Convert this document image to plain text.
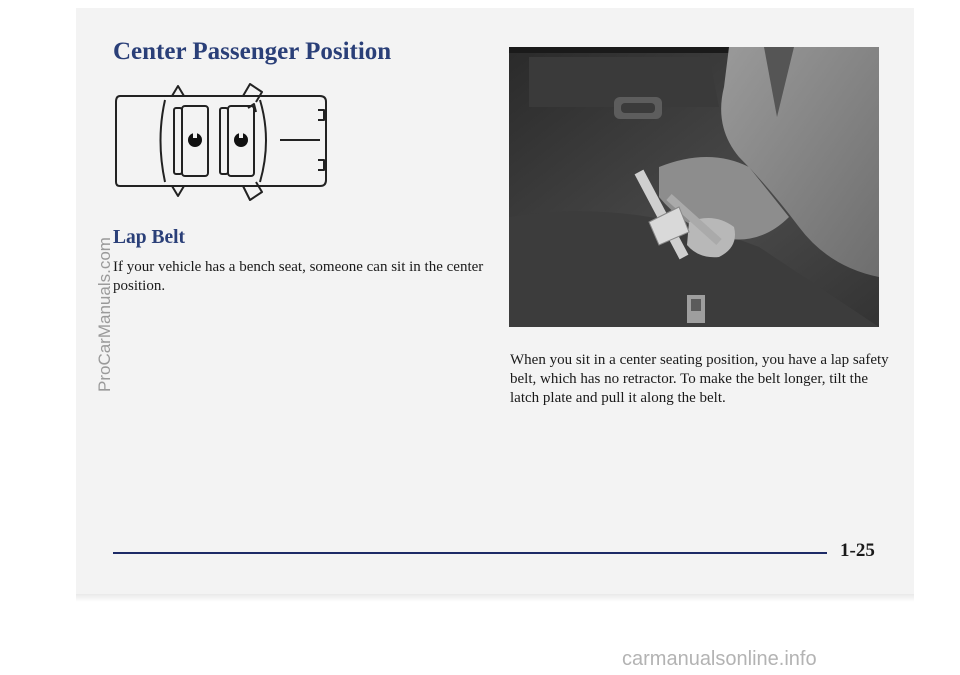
Center Passenger Position
Lap Belt
If your vehicle has a bench seat, someone can sit in the center position.
When you sit in a center seating position, you have a lap safety belt, which has no retractor. To make the belt longer, tilt the latch plate and pull it along the belt.
1-25
ProCarManuals.com
carmanualsonline.info
